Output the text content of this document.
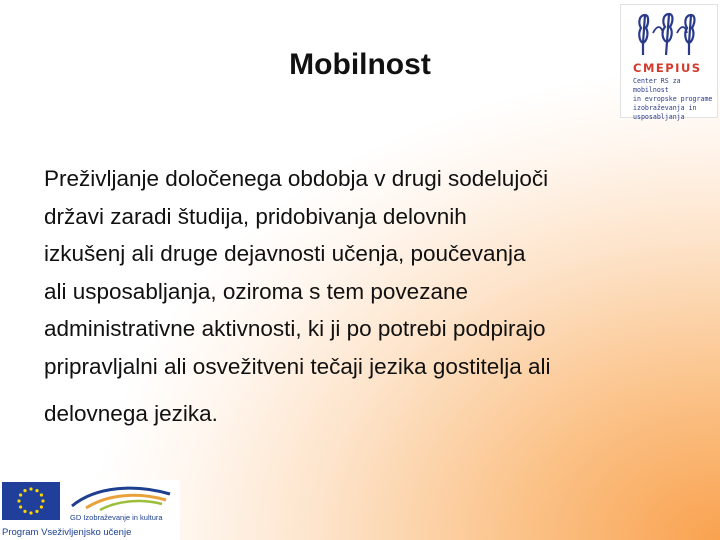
Mobilnost
Preživljanje določenega obdobja v drugi sodelujoči
državi zaradi študija, pridobivanja delovnih
izkušenj ali druge dejavnosti učenja, poučevanja
ali usposabljanja, oziroma s tem povezane
administrativne aktivnosti, ki ji po potrebi podpirajo
pripravljalni ali osvežitveni tečaji jezika gostitelja ali
delovnega jezika.
CMEPIUS
Center RS za mobilnost
in evropske programe
izobraževanja in
usposabljanja
GD Izobraževanje in kultura
Program Vseživljenjsko učenje
